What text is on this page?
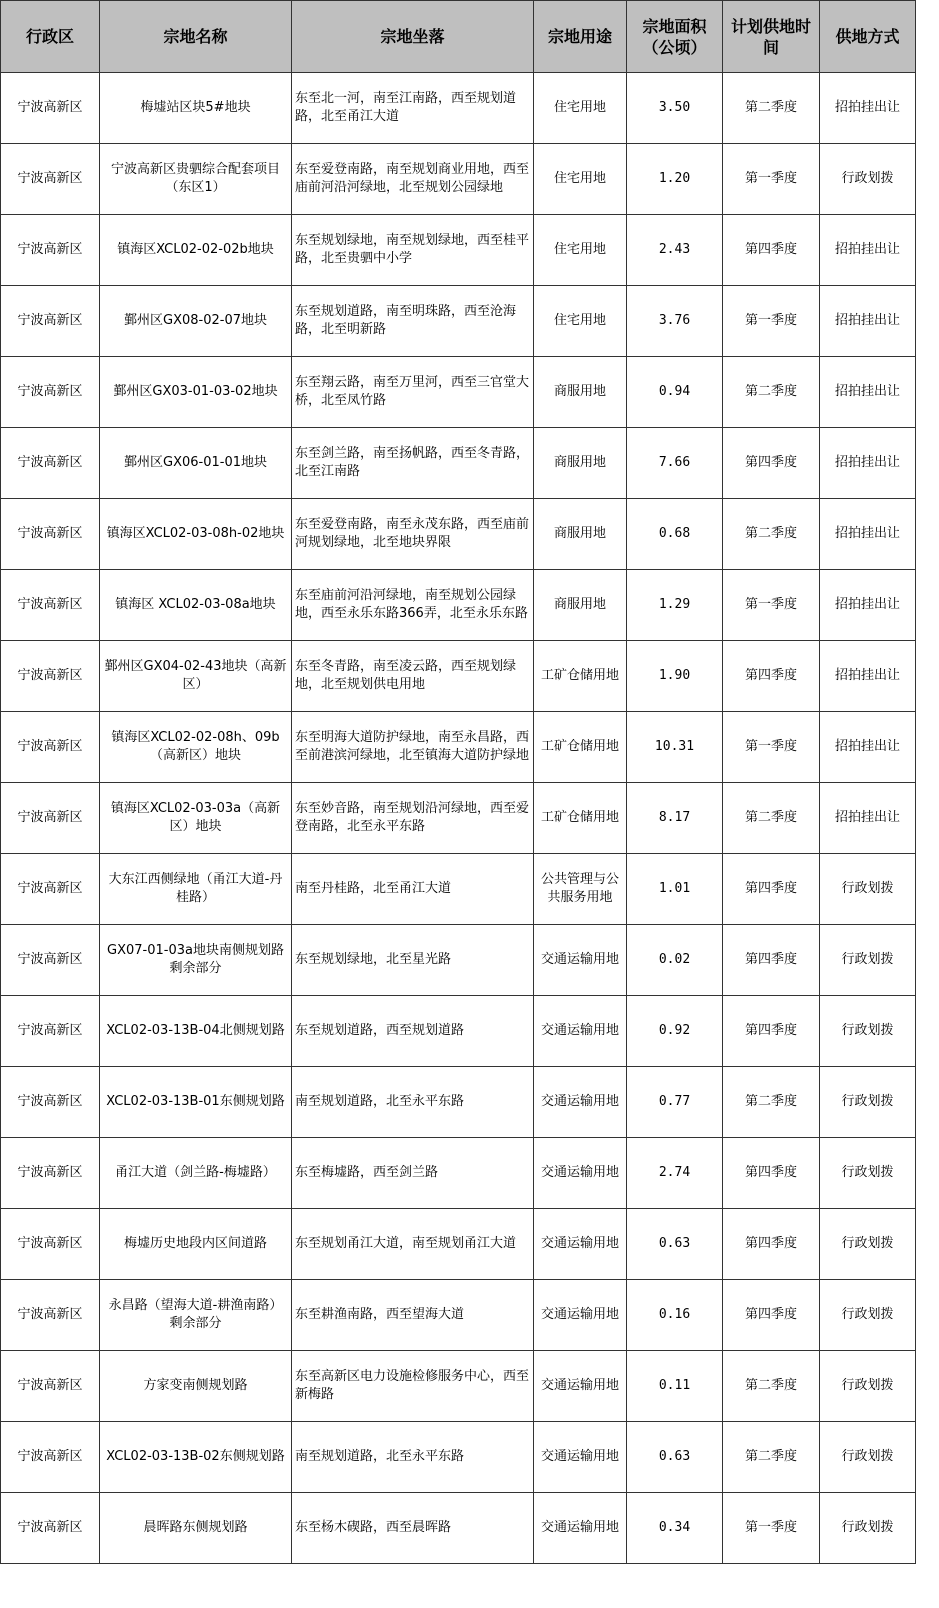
行政区	宗地名称	宗地坐落	宗地用途	宗地面积（公顷）	计划供地时间	供地方式
宁波高新区	梅墟站区块5#地块	东至北一河，南至江南路，西至规划道路，北至甬江大道	住宅用地	3.50	第二季度	招拍挂出让
宁波高新区	宁波高新区贵驷综合配套项目（东区1）	东至爱登南路，南至规划商业用地，西至庙前河沿河绿地，北至规划公园绿地	住宅用地	1.20	第一季度	行政划拨
宁波高新区	镇海区XCL02-02-02b地块	东至规划绿地，南至规划绿地，西至桂平路，北至贵驷中小学	住宅用地	2.43	第四季度	招拍挂出让
宁波高新区	鄞州区GX08-02-07地块	东至规划道路，南至明珠路，西至沧海路，北至明新路	住宅用地	3.76	第一季度	招拍挂出让
宁波高新区	鄞州区GX03-01-03-02地块	东至翔云路，南至万里河，西至三官堂大桥，北至凤竹路	商服用地	0.94	第二季度	招拍挂出让
宁波高新区	鄞州区GX06-01-01地块	东至剑兰路，南至扬帆路，西至冬青路，北至江南路	商服用地	7.66	第四季度	招拍挂出让
宁波高新区	镇海区XCL02-03-08h-02地块	东至爱登南路，南至永茂东路，西至庙前河规划绿地，北至地块界限	商服用地	0.68	第二季度	招拍挂出让
宁波高新区	镇海区 XCL02-03-08a地块	东至庙前河沿河绿地，南至规划公园绿地，西至永乐东路366弄，北至永乐东路	商服用地	1.29	第一季度	招拍挂出让
宁波高新区	鄞州区GX04-02-43地块（高新区）	东至冬青路，南至凌云路，西至规划绿地，北至规划供电用地	工矿仓储用地	1.90	第四季度	招拍挂出让
宁波高新区	镇海区XCL02-02-08h、09b（高新区）地块	东至明海大道防护绿地，南至永昌路，西至前港滨河绿地，北至镇海大道防护绿地	工矿仓储用地	10.31	第一季度	招拍挂出让
宁波高新区	镇海区XCL02-03-03a（高新区）地块	东至妙音路，南至规划沿河绿地，西至爱登南路，北至永平东路	工矿仓储用地	8.17	第二季度	招拍挂出让
宁波高新区	大东江西侧绿地（甬江大道-丹桂路）	南至丹桂路，北至甬江大道	公共管理与公共服务用地	1.01	第四季度	行政划拨
宁波高新区	GX07-01-03a地块南侧规划路剩余部分	东至规划绿地，北至星光路	交通运输用地	0.02	第四季度	行政划拨
宁波高新区	XCL02-03-13B-04北侧规划路	东至规划道路，西至规划道路	交通运输用地	0.92	第四季度	行政划拨
宁波高新区	XCL02-03-13B-01东侧规划路	南至规划道路，北至永平东路	交通运输用地	0.77	第二季度	行政划拨
宁波高新区	甬江大道（剑兰路-梅墟路）	东至梅墟路，西至剑兰路	交通运输用地	2.74	第四季度	行政划拨
宁波高新区	梅墟历史地段内区间道路	东至规划甬江大道，南至规划甬江大道	交通运输用地	0.63	第四季度	行政划拨
宁波高新区	永昌路（望海大道-耕渔南路）剩余部分	东至耕渔南路，西至望海大道	交通运输用地	0.16	第四季度	行政划拨
宁波高新区	方家变南侧规划路	东至高新区电力设施检修服务中心，西至新梅路	交通运输用地	0.11	第二季度	行政划拨
宁波高新区	XCL02-03-13B-02东侧规划路	南至规划道路，北至永平东路	交通运输用地	0.63	第二季度	行政划拨
宁波高新区	晨晖路东侧规划路	东至杨木碶路，西至晨晖路	交通运输用地	0.34	第一季度	行政划拨
